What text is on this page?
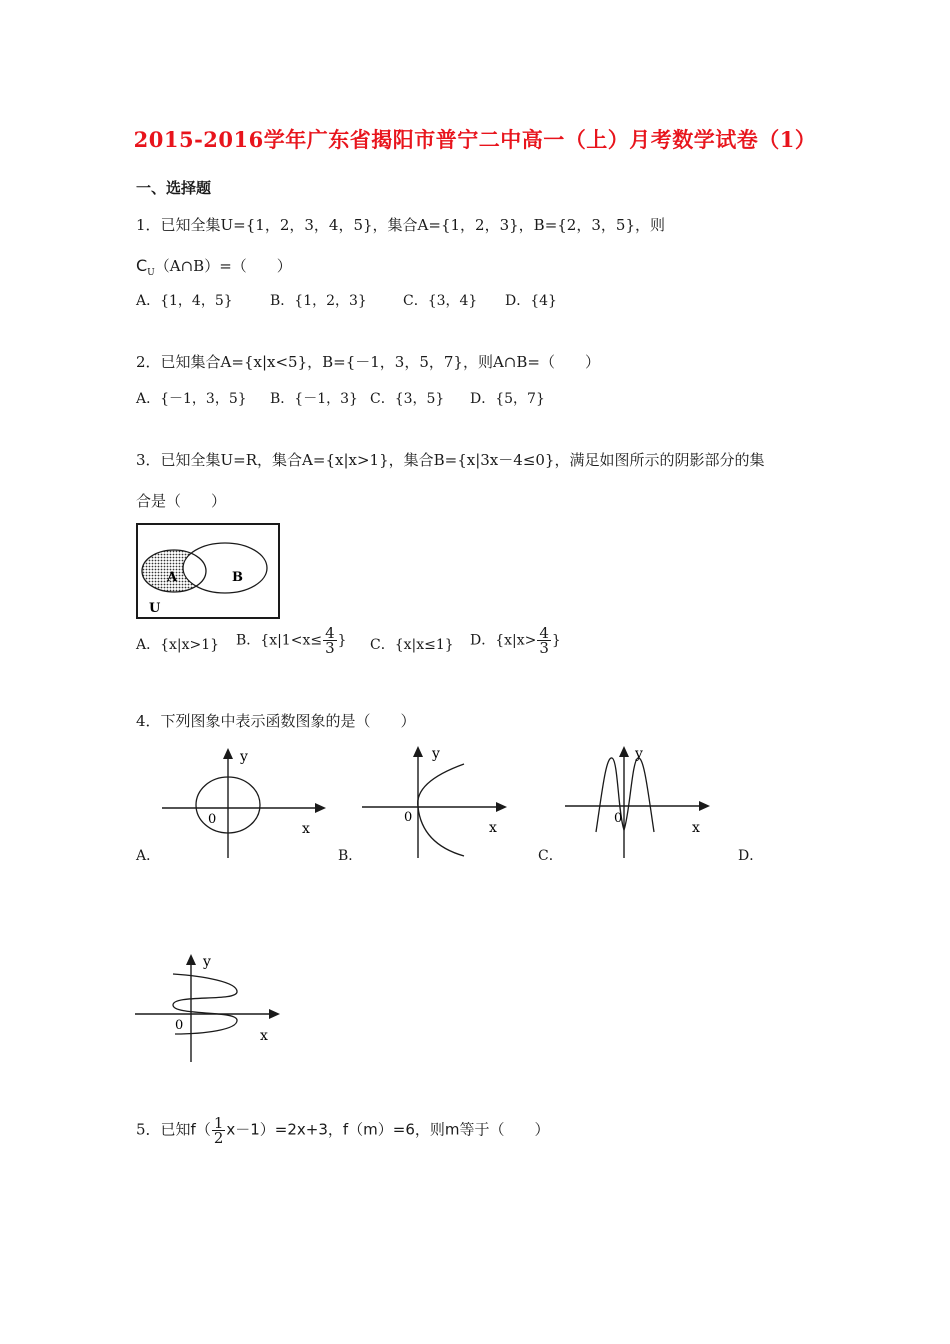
2015-2016学年广东省揭阳市普宁二中高一（上）月考数学试卷（1）
一、选择题
1．已知全集U={1，2，3，4，5}，集合A={1，2，3}，B={2，3，5}，则
$C_U(A\cap B)=$（　　）
A．{1，4，5}	B．{1，2，3}	C．{3，4} D．{4}
2．已知集合A={x|x<5}，B={－1，3，5，7}，则A∩B=（　　）
A．{－1，3，5} B．{－1，3} C．{3，5} D．{5，7}
3．已知全集U=R，集合A={x|x>1}，集合B={x|3x－4≤0}，满足如图所示的阴影部分的集
合是（　　）
A	B
U
A．{x|x>1} B．{$x|1<x\le \frac{4}{3}$ } C．{x|x≤1} D．{$x|x> \frac{4}{3}$ }
4．下列图象中表示函数图象的是（　　）
y
x
0
A．
y
x
0
B．
y
x
0
C．	D．
y
x
0
5．已知$f( \frac{1}{2} x-1)=2x+3$，f（m）=6，则m等于（　　）
